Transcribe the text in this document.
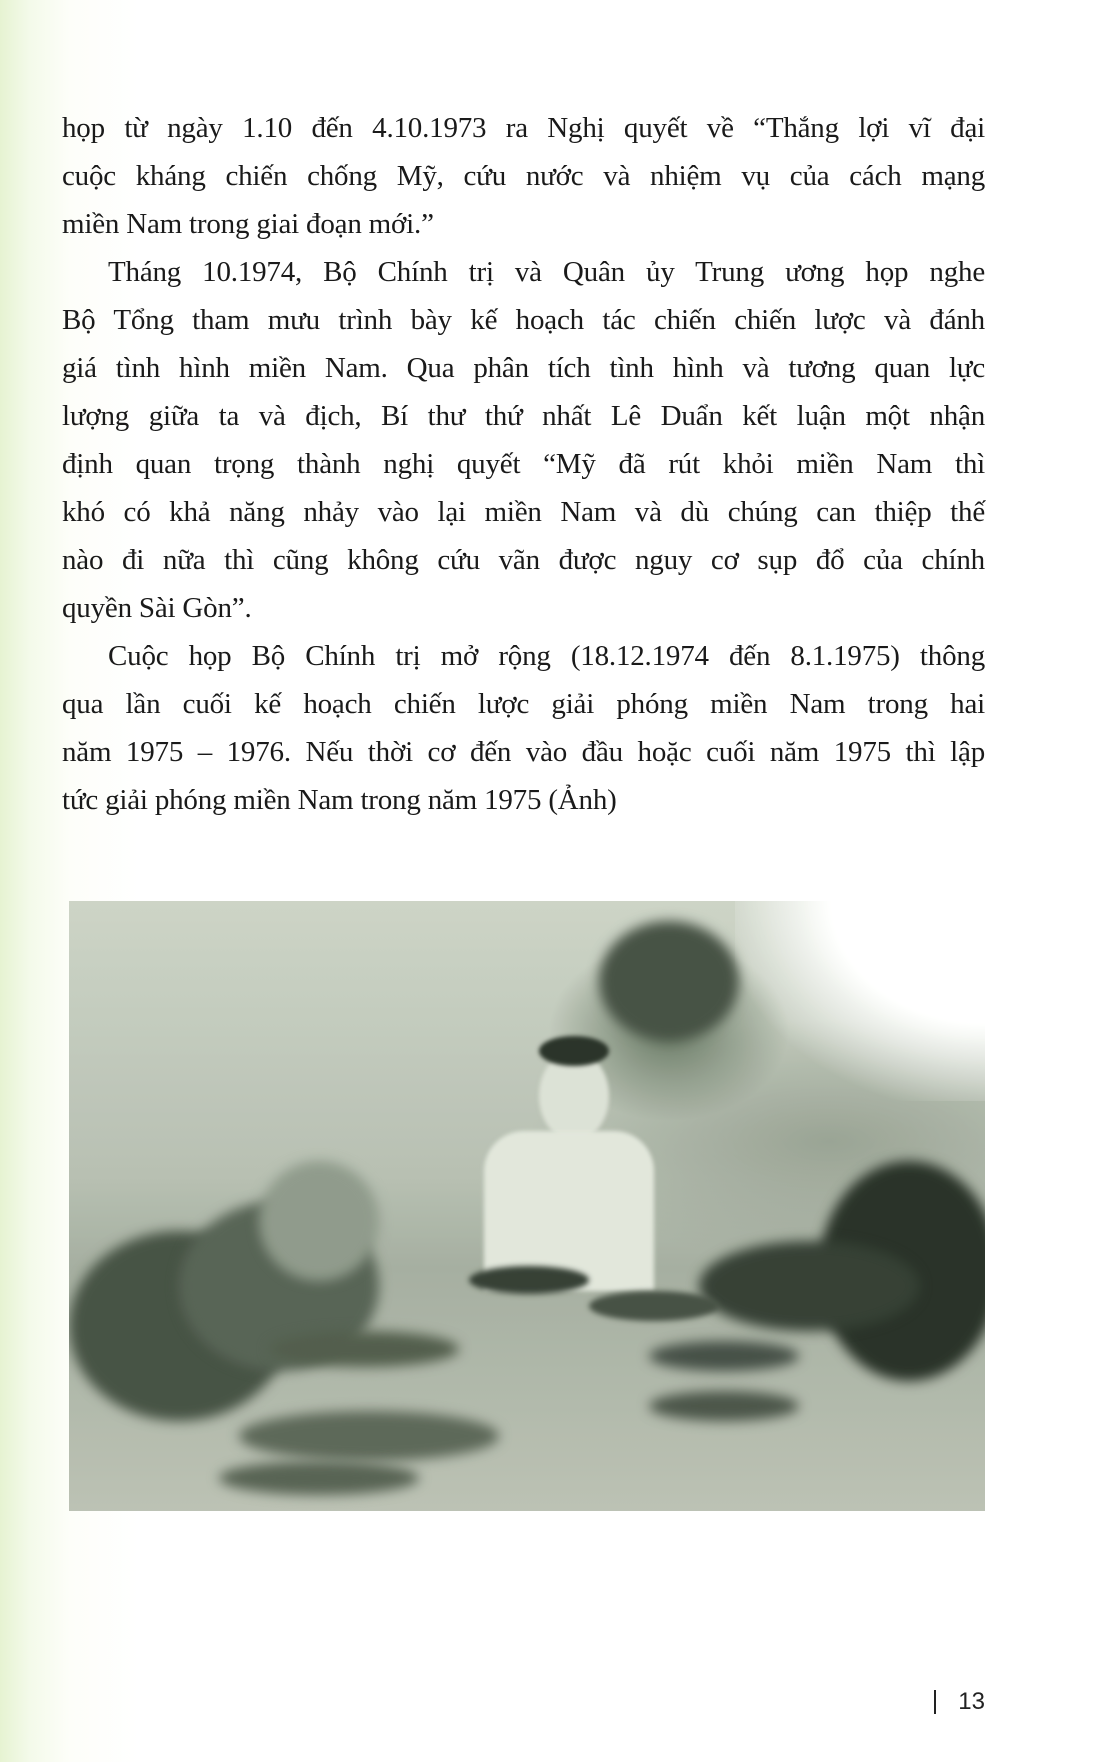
họp từ ngày 1.10 đến 4.10.1973 ra Nghị quyết về “Thắng lợi vĩ đại
cuộc kháng chiến chống Mỹ, cứu nước và nhiệm vụ của cách mạng
miền Nam trong giai đoạn mới.”

Tháng 10.1974, Bộ Chính trị và Quân ủy Trung ương họp nghe
Bộ Tổng tham mưu trình bày kế hoạch tác chiến chiến lược và đánh
giá tình hình miền Nam. Qua phân tích tình hình và tương quan lực
lượng giữa ta và địch, Bí thư thứ nhất Lê Duẩn kết luận một nhận
định quan trọng thành nghị quyết “Mỹ đã rút khỏi miền Nam thì
khó có khả năng nhảy vào lại miền Nam và dù chúng can thiệp thế
nào đi nữa thì cũng không cứu vãn được nguy cơ sụp đổ của chính
quyền Sài Gòn”.

Cuộc họp Bộ Chính trị mở rộng (18.12.1974 đến 8.1.1975) thông
qua lần cuối kế hoạch chiến lược giải phóng miền Nam trong hai
năm 1975 – 1976. Nếu thời cơ đến vào đầu hoặc cuối năm 1975 thì lập
tức giải phóng miền Nam trong năm 1975 (Ảnh)

13
